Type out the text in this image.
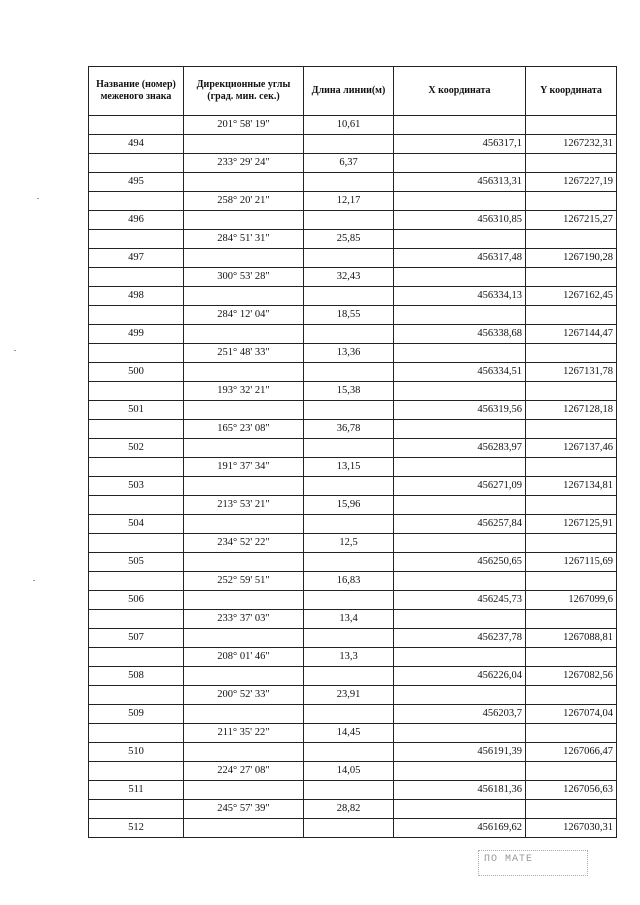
Название (номер) меженого знака	Дирекционные углы (град. мин. сек.)	Длина линии(м)	X координата	Y координата
	201° 58' 19"	10,61		
494			456317,1	1267232,31
	233° 29' 24"	6,37		
495			456313,31	1267227,19
	258° 20' 21"	12,17		
496			456310,85	1267215,27
	284° 51' 31"	25,85		
497			456317,48	1267190,28
	300° 53' 28"	32,43		
498			456334,13	1267162,45
	284° 12' 04"	18,55		
499			456338,68	1267144,47
	251° 48' 33"	13,36		
500			456334,51	1267131,78
	193° 32' 21"	15,38		
501			456319,56	1267128,18
	165° 23' 08"	36,78		
502			456283,97	1267137,46
	191° 37' 34"	13,15		
503			456271,09	1267134,81
	213° 53' 21"	15,96		
504			456257,84	1267125,91
	234° 52' 22"	12,5		
505			456250,65	1267115,69
	252° 59' 51"	16,83		
506			456245,73	1267099,6
	233° 37' 03"	13,4		
507			456237,78	1267088,81
	208° 01' 46"	13,3		
508			456226,04	1267082,56
	200° 52' 33"	23,91		
509			456203,7	1267074,04
	211° 35' 22"	14,45		
510			456191,39	1267066,47
	224° 27' 08"	14,05		
511			456181,36	1267056,63
	245° 57' 39"	28,82		
512			456169,62	1267030,31
ПО МАТЕ
